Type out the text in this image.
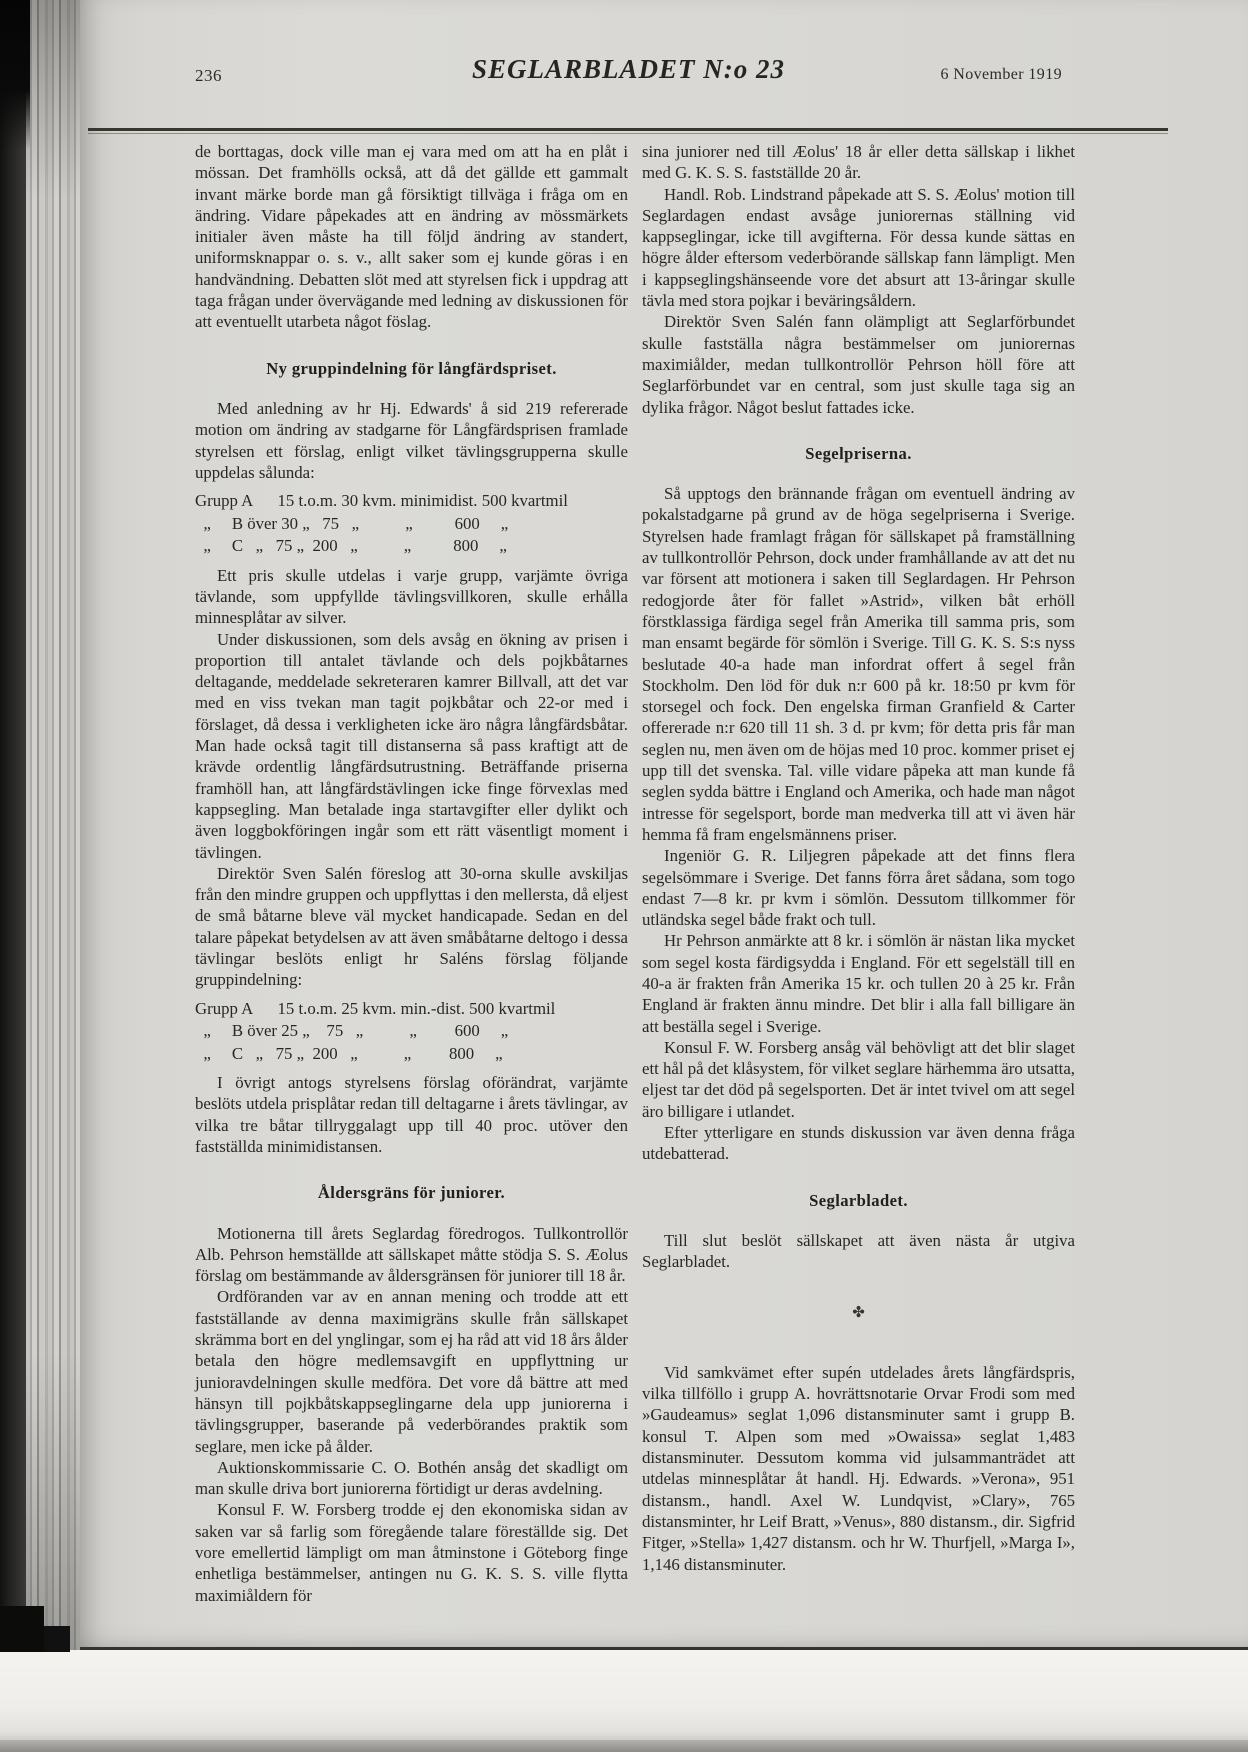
236	SEGLARBLADET N:o 23	6 November 1919

de borttagas, dock ville man ej vara med om att ha en plåt i mössan. Det framhölls också, att då det gällde ett gammalt invant märke borde man gå försiktigt tillväga i fråga om en ändring. Vidare påpekades att en ändring av mössmärkets initialer även måste ha till följd ändring av standert, uniformsknappar o. s. v., allt saker som ej kunde göras i en handvändning. Debatten slöt med att styrelsen fick i uppdrag att taga frågan under övervägande med ledning av diskussionen för att eventuellt utarbeta något föslag.

Ny gruppindelning för långfärdspriset.

Med anledning av hr Hj. Edwards' å sid 219 refererade motion om ändring av stadgarne för Långfärdsprisen framlade styrelsen ett förslag, enligt vilket tävlingsgrupperna skulle uppdelas sålunda:

Grupp A      15 t.o.m. 30 kvm. minimidist. 500 kvartmil
„     B över 30 „   75   „           „          600     „
„     C   „   75 „  200   „           „          800     „

Ett pris skulle utdelas i varje grupp, varjämte övriga tävlande, som uppfyllde tävlingsvillkoren, skulle erhålla minnesplåtar av silver.

Under diskussionen, som dels avsåg en ökning av prisen i proportion till antalet tävlande och dels pojkbåtarnes deltagande, meddelade sekreteraren kamrer Billvall, att det var med en viss tvekan man tagit pojkbåtar och 22-or med i förslaget, då dessa i verkligheten icke äro några långfärdsbåtar. Man hade också tagit till distanserna så pass kraftigt att de krävde ordentlig långfärdsutrustning. Beträffande priserna framhöll han, att långfärdstävlingen icke finge förvexlas med kappsegling. Man betalade inga startavgifter eller dylikt och även loggbokföringen ingår som ett rätt väsentligt moment i tävlingen.

Direktör Sven Salén föreslog att 30-orna skulle avskiljas från den mindre gruppen och uppflyttas i den mellersta, då eljest de små båtarne bleve väl mycket handicapade. Sedan en del talare påpekat betydelsen av att även småbåtarne deltogo i dessa tävlingar beslöts enligt hr Saléns förslag följande gruppindelning:

Grupp A      15 t.o.m. 25 kvm. min.-dist. 500 kvartmil
„     B över 25 „    75   „           „         600     „
„     C   „   75 „  200   „           „         800     „

I övrigt antogs styrelsens förslag oförändrat, varjämte beslöts utdela prisplåtar redan till deltagarne i årets tävlingar, av vilka tre båtar tillryggalagt upp till 40 proc. utöver den fastställda minimidistansen.

Åldersgräns för juniorer.

Motionerna till årets Seglardag föredrogos. Tullkontrollör Alb. Pehrson hemställde att sällskapet måtte stödja S. S. Æolus förslag om bestämmande av åldersgränsen för juniorer till 18 år.

Ordföranden var av en annan mening och trodde att ett fastställande av denna maximigräns skulle från sällskapet skrämma bort en del ynglingar, som ej ha råd att vid 18 års ålder betala den högre medlemsavgift en uppflyttning ur junioravdelningen skulle medföra. Det vore då bättre att med hänsyn till pojkbåtskappseglingarne dela upp juniorerna i tävlingsgrupper, baserande på vederbörandes praktik som seglare, men icke på ålder.

Auktionskommissarie C. O. Bothén ansåg det skadligt om man skulle driva bort juniorerna förtidigt ur deras avdelning.

Konsul F. W. Forsberg trodde ej den ekonomiska sidan av saken var så farlig som föregående talare föreställde sig. Det vore emellertid lämpligt om man åtminstone i Göteborg finge enhetliga bestämmelser, antingen nu G. K. S. S. ville flytta maximiåldern för

sina juniorer ned till Æolus' 18 år eller detta sällskap i likhet med G. K. S. S. fastställde 20 år.

Handl. Rob. Lindstrand påpekade att S. S. Æolus' motion till Seglardagen endast avsåge juniorernas ställning vid kappseglingar, icke till avgifterna. För dessa kunde sättas en högre ålder eftersom vederbörande sällskap fann lämpligt. Men i kappseglingshänseende vore det absurt att 13-åringar skulle tävla med stora pojkar i beväringsåldern.

Direktör Sven Salén fann olämpligt att Seglarförbundet skulle fastställa några bestämmelser om juniorernas maximiålder, medan tullkontrollör Pehrson höll före att Seglarförbundet var en central, som just skulle taga sig an dylika frågor. Något beslut fattades icke.

Segelpriserna.

Så upptogs den brännande frågan om eventuell ändring av pokalstadgarne på grund av de höga segelpriserna i Sverige. Styrelsen hade framlagt frågan för sällskapet på framställning av tullkontrollör Pehrson, dock under framhållande av att det nu var försent att motionera i saken till Seglardagen. Hr Pehrson redogjorde åter för fallet »Astrid», vilken båt erhöll förstklassiga färdiga segel från Amerika till samma pris, som man ensamt begärde för sömlön i Sverige. Till G. K. S. S:s nyss beslutade 40-a hade man infordrat offert å segel från Stockholm. Den löd för duk n:r 600 på kr. 18:50 pr kvm för storsegel och fock. Den engelska firman Granfield & Carter offererade n:r 620 till 11 sh. 3 d. pr kvm; för detta pris får man seglen nu, men även om de höjas med 10 proc. kommer priset ej upp till det svenska. Tal. ville vidare påpeka att man kunde få seglen sydda bättre i England och Amerika, och hade man något intresse för segelsport, borde man medverka till att vi även här hemma få fram engelsmännens priser.

Ingeniör G. R. Liljegren påpekade att det finns flera segelsömmare i Sverige. Det fanns förra året sådana, som togo endast 7—8 kr. pr kvm i sömlön. Dessutom tillkommer för utländska segel både frakt och tull.

Hr Pehrson anmärkte att 8 kr. i sömlön är nästan lika mycket som segel kosta färdigsydda i England. För ett segelställ till en 40-a är frakten från Amerika 15 kr. och tullen 20 à 25 kr. Från England är frakten ännu mindre. Det blir i alla fall billigare än att beställa segel i Sverige.

Konsul F. W. Forsberg ansåg väl behövligt att det blir slaget ett hål på det klåsystem, för vilket seglare härhemma äro utsatta, eljest tar det död på segelsporten. Det är intet tvivel om att segel äro billigare i utlandet.

Efter ytterligare en stunds diskussion var även denna fråga utdebatterad.

Seglarbladet.

Till slut beslöt sällskapet att även nästa år utgiva Seglarbladet.

✤

Vid samkvämet efter supén utdelades årets långfärdspris, vilka tillföllo i grupp A. hovrättsnotarie Orvar Frodi som med »Gaudeamus» seglat 1,096 distansminuter samt i grupp B. konsul T. Alpen som med »Owaissa» seglat 1,483 distansminuter. Dessutom komma vid julsammanträdet att utdelas minnesplåtar åt handl. Hj. Edwards. »Verona», 951 distansm., handl. Axel W. Lundqvist, »Clary», 765 distansminter, hr Leif Bratt, »Venus», 880 distansm., dir. Sigfrid Fitger, »Stella» 1,427 distansm. och hr W. Thurfjell, »Marga I», 1,146 distansminuter.
